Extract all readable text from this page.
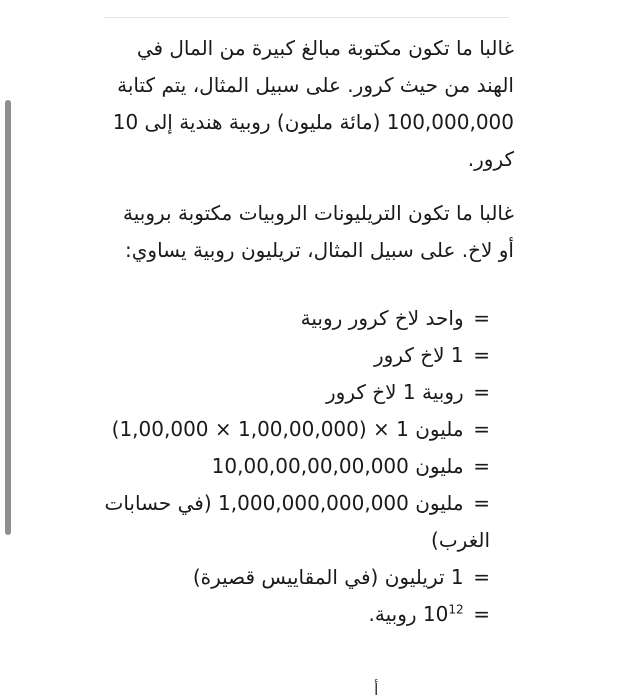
غالبا ما تكون مكتوبة مبالغ كبيرة من المال في الهند من حيث كرور. على سبيل المثال، يتم كتابة 100,000,000 (مائة مليون) روبية هندية إلى 10 كرور.

غالبا ما تكون التريليونات الروبيات مكتوبة بروبية أو لاخ. على سبيل المثال، تريليون روبية يساوي:

= واحد لاخ كرور روبية
= 1 لاخ كرور
= روبية 1 لاخ كرور
= مليون 1 × (1,00,00,000 × 1,00,000)
= مليون 10,00,00,00,00,000
= مليون 1,000,000,000,000 (في حسابات الغرب)
= 1 تريليون (في المقاييس قصيرة)
= $10^{12}$ روبية.
أ
